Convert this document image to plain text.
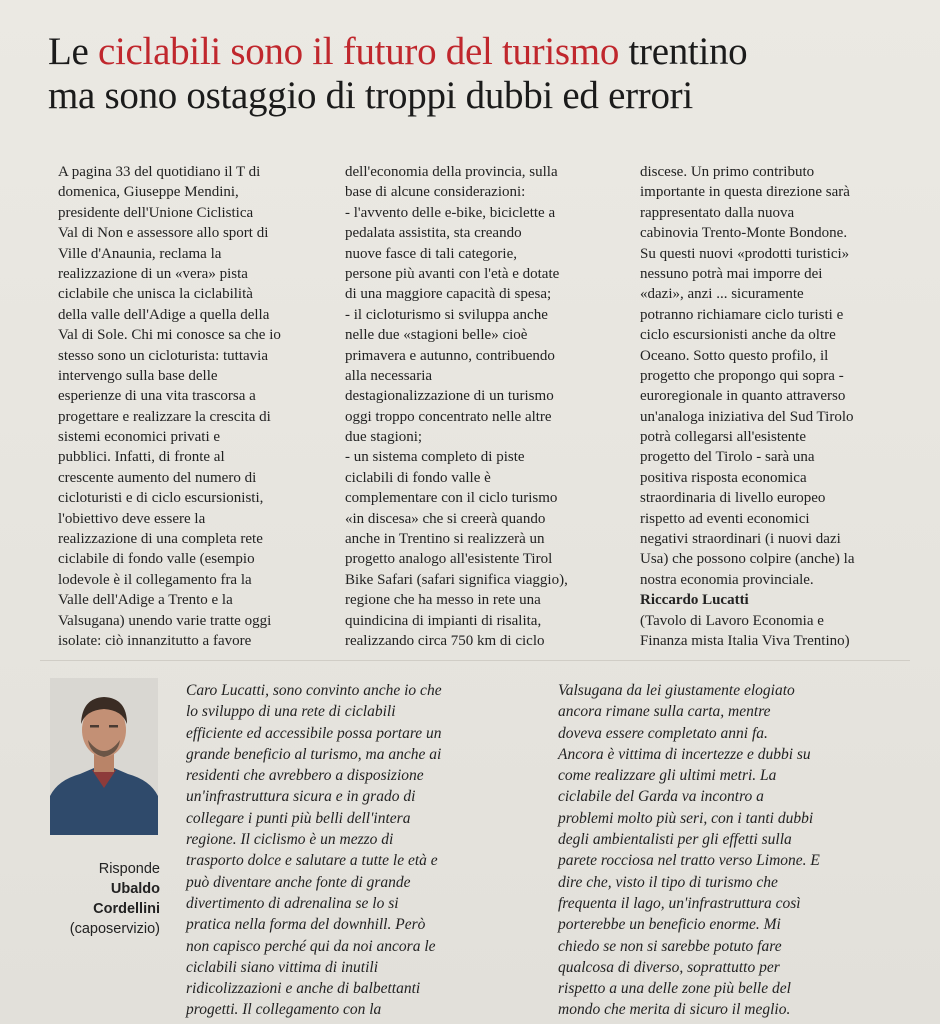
Le ciclabili sono il futuro del turismo trentino
ma sono ostaggio di troppi dubbi ed errori
A pagina 33 del quotidiano il T di
domenica, Giuseppe Mendini,
presidente dell'Unione Ciclistica
Val di Non e assessore allo sport di
Ville d'Anaunia, reclama la
realizzazione di un «vera» pista
ciclabile che unisca la ciclabilità
della valle dell'Adige a quella della
Val di Sole. Chi mi conosce sa che io
stesso sono un cicloturista: tuttavia
intervengo sulla base delle
esperienze di una vita trascorsa a
progettare e realizzare la crescita di
sistemi economici privati e
pubblici. Infatti, di fronte al
crescente aumento del numero di
cicloturisti e di ciclo escursionisti,
l'obiettivo deve essere la
realizzazione di una completa rete
ciclabile di fondo valle (esempio
lodevole è il collegamento fra la
Valle dell'Adige a Trento e la
Valsugana) unendo varie tratte oggi
isolate: ciò innanzitutto a favore
dell'economia della provincia, sulla
base di alcune considerazioni:
- l'avvento delle e-bike, biciclette a
pedalata assistita, sta creando
nuove fasce di tali categorie,
persone più avanti con l'età e dotate
di una maggiore capacità di spesa;
- il cicloturismo si sviluppa anche
nelle due «stagioni belle» cioè
primavera e autunno, contribuendo
alla necessaria
destagionalizzazione di un turismo
oggi troppo concentrato nelle altre
due stagioni;
- un sistema completo di piste
ciclabili di fondo valle è
complementare con il ciclo turismo
«in discesa» che si creerà quando
anche in Trentino si realizzerà un
progetto analogo all'esistente Tirol
Bike Safari (safari significa viaggio),
regione che ha messo in rete una
quindicina di impianti di risalita,
realizzando circa 750 km di ciclo
discese. Un primo contributo
importante in questa direzione sarà
rappresentato dalla nuova
cabinovia Trento-Monte Bondone.
Su questi nuovi «prodotti turistici»
nessuno potrà mai imporre dei
«dazi», anzi ... sicuramente
potranno richiamare ciclo turisti e
ciclo escursionisti anche da oltre
Oceano. Sotto questo profilo, il
progetto che propongo qui sopra -
euroregionale in quanto attraverso
un'analoga iniziativa del Sud Tirolo
potrà collegarsi all'esistente
progetto del Tirolo - sarà una
positiva risposta economica
straordinaria di livello europeo
rispetto ad eventi economici
negativi straordinari (i nuovi dazi
Usa) che possono colpire (anche) la
nostra economia provinciale.
Riccardo Lucatti
(Tavolo di Lavoro Economia e
Finanza mista Italia Viva Trentino)
Risponde
Ubaldo
Cordellini
(caposervizio)
Caro Lucatti, sono convinto anche io che
lo sviluppo di una rete di ciclabili
efficiente ed accessibile possa portare un
grande beneficio al turismo, ma anche ai
residenti che avrebbero a disposizione
un'infrastruttura sicura e in grado di
collegare i punti più belli dell'intera
regione. Il ciclismo è un mezzo di
trasporto dolce e salutare a tutte le età e
può diventare anche fonte di grande
divertimento di adrenalina se lo si
pratica nella forma del downhill. Però
non capisco perché qui da noi ancora le
ciclabili siano vittima di inutili
ridicolizzazioni e anche di balbettanti
progetti. Il collegamento con la
Valsugana da lei giustamente elogiato
ancora rimane sulla carta, mentre
doveva essere completato anni fa.
Ancora è vittima di incertezze e dubbi su
come realizzare gli ultimi metri. La
ciclabile del Garda va incontro a
problemi molto più seri, con i tanti dubbi
degli ambientalisti per gli effetti sulla
parete rocciosa nel tratto verso Limone. E
dire che, visto il tipo di turismo che
frequenta il lago, un'infrastruttura così
porterebbe un beneficio enorme. Mi
chiedo se non si sarebbe potuto fare
qualcosa di diverso, soprattutto per
rispetto a una delle zone più belle del
mondo che merita di sicuro il meglio.
